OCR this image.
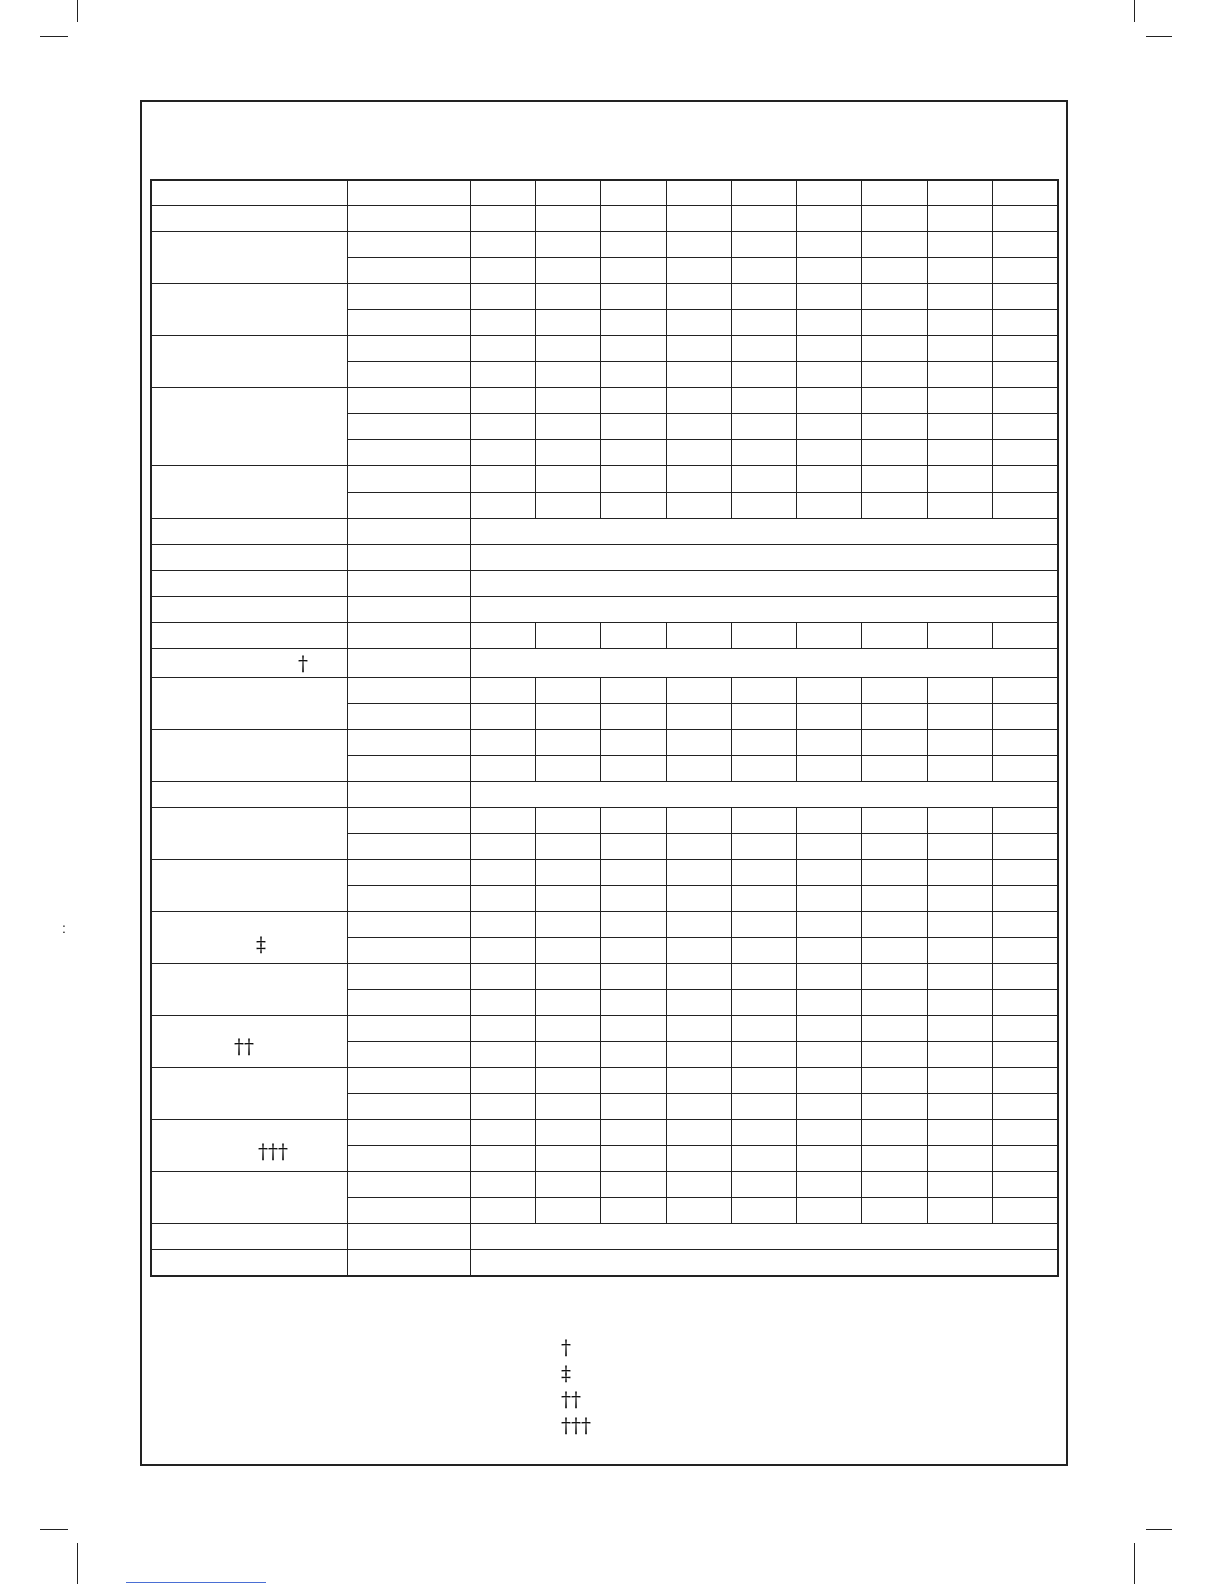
†
‡
††
†††
†
‡
††
†††
:
